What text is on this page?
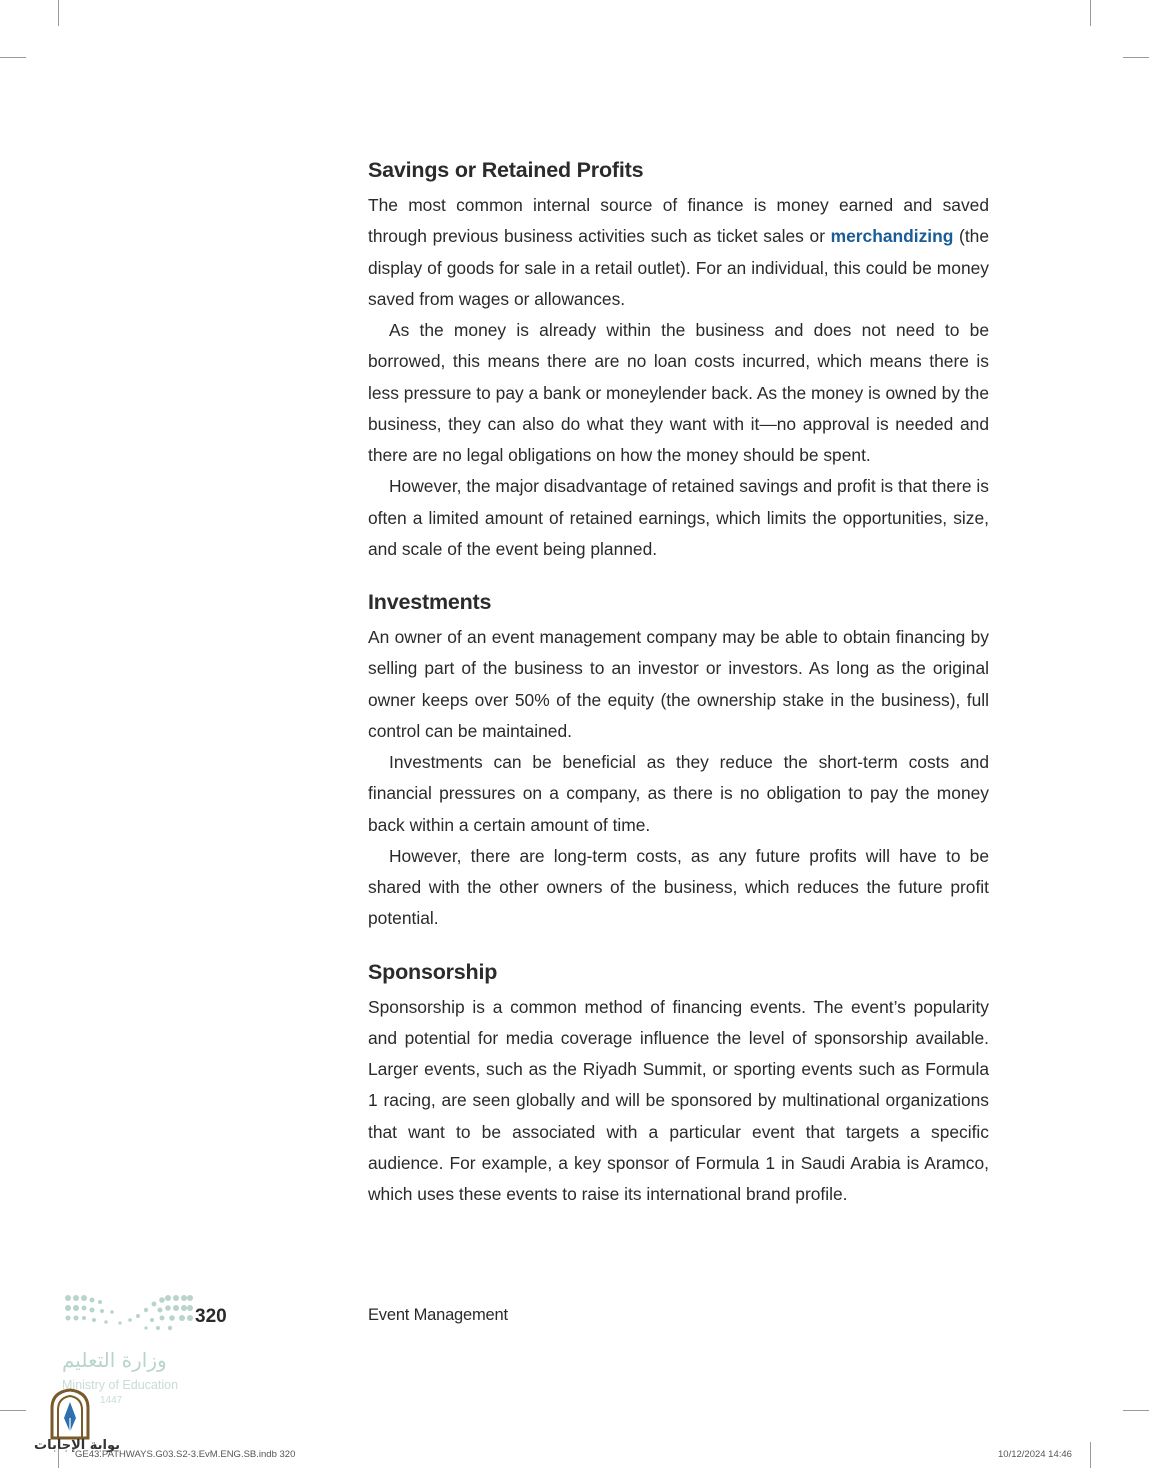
Savings or Retained Profits

The most common internal source of finance is money earned and saved through previous business activities such as ticket sales or merchandizing (the display of goods for sale in a retail outlet). For an individual, this could be money saved from wages or allowances.

As the money is already within the business and does not need to be borrowed, this means there are no loan costs incurred, which means there is less pressure to pay a bank or moneylender back. As the money is owned by the business, they can also do what they want with it—no approval is needed and there are no legal obligations on how the money should be spent.

However, the major disadvantage of retained savings and profit is that there is often a limited amount of retained earnings, which limits the opportunities, size, and scale of the event being planned.

Investments

An owner of an event management company may be able to obtain financing by selling part of the business to an investor or investors. As long as the original owner keeps over 50% of the equity (the ownership stake in the business), full control can be maintained.

Investments can be beneficial as they reduce the short-term costs and financial pressures on a company, as there is no obligation to pay the money back within a certain amount of time.

However, there are long-term costs, as any future profits will have to be shared with the other owners of the business, which reduces the future profit potential.

Sponsorship

Sponsorship is a common method of financing events. The event’s popularity and potential for media coverage influence the level of sponsorship available. Larger events, such as the Riyadh Summit, or sporting events such as Formula 1 racing, are seen globally and will be sponsored by multinational organizations that want to be associated with a particular event that targets a specific audience. For example, a key sponsor of Formula 1 in Saudi Arabia is Aramco, which uses these events to raise its international brand profile.

320	Event Management
وزارة التعليم
Ministry of Education
1447
بوابة الإجابات
GE43.PATHWAYS.G03.S2-3.EvM.ENG.SB.indb 320	10/12/2024 14:46
